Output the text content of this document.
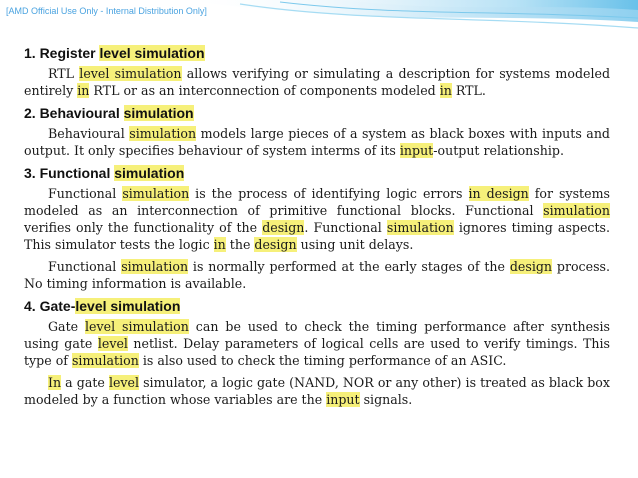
[AMD Official Use Only - Internal Distribution Only]
1. Register level simulation

RTL level simulation allows verifying or simulating a description for systems modeled entirely in RTL or as an interconnection of components modeled in RTL.

2. Behavioural simulation

Behavioural simulation models large pieces of a system as black boxes with inputs and output. It only specifies behaviour of system interms of its input-output relationship.

3. Functional simulation

Functional simulation is the process of identifying logic errors in design for systems modeled as an interconnection of primitive functional blocks. Functional simulation verifies only the functionality of the design. Functional simulation ignores timing aspects. This simulator tests the logic in the design using unit delays.

Functional simulation is normally performed at the early stages of the design process. No timing information is available.

4. Gate-level simulation

Gate level simulation can be used to check the timing performance after synthesis using gate level netlist. Delay parameters of logical cells are used to verify timings. This type of simulation is also used to check the timing performance of an ASIC.

In a gate level simulator, a logic gate (NAND, NOR or any other) is treated as black box modeled by a function whose variables are the input signals.
